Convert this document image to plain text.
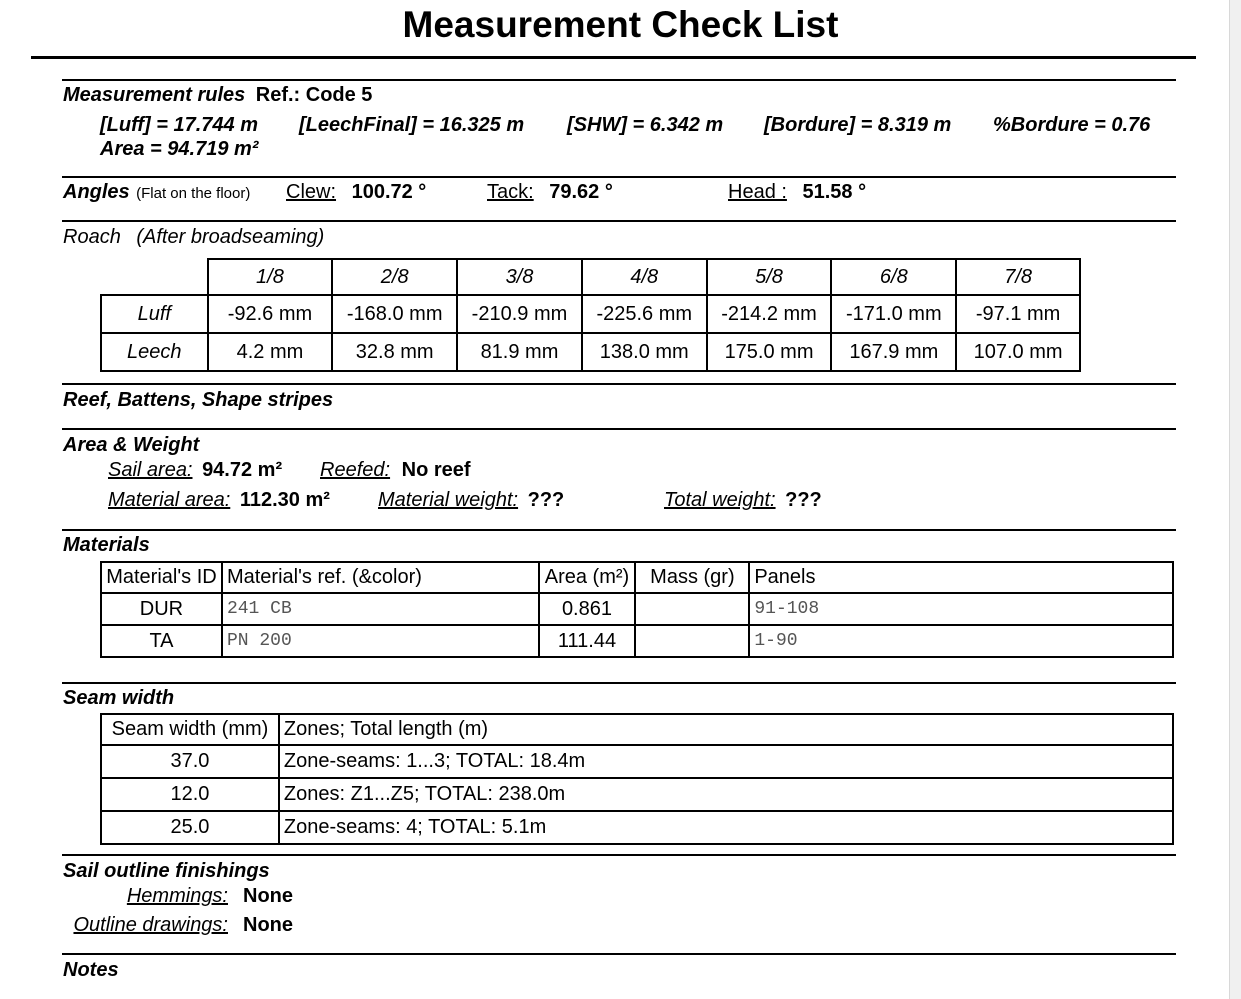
Measurement Check List
Measurement rules Ref.: Code 5
[Luff] = 17.744 m [LeechFinal] = 16.325 m [SHW] = 6.342 m [Bordure] = 8.319 m %Bordure = 0.76
Area = 94.719 m²
Angles (Flat on the floor) Clew: 100.72 °	Tack: 79.62 °	Head : 51.58 °
Roach (After broadseaming)
	1/8	2/8	3/8	4/8	5/8	6/8	7/8
Luff	-92.6 mm	-168.0 mm	-210.9 mm	-225.6 mm	-214.2 mm	-171.0 mm	-97.1 mm
Leech	4.2 mm	32.8 mm	81.9 mm	138.0 mm	175.0 mm	167.9 mm	107.0 mm
Reef, Battens, Shape stripes
Area & Weight
Sail area: 94.72 m² Reefed: No reef
Material area: 112.30 m² Material weight: ???	Total weight: ???
Materials
Material's ID	Material's ref. (&color)	Area (m²)	Mass (gr)	Panels
DUR	241 CB	0.861		91-108
TA	PN 200	111.44		1-90
Seam width
Seam width (mm)	Zones; Total length (m)
37.0	Zone-seams: 1...3; TOTAL: 18.4m
12.0	Zones: Z1...Z5; TOTAL: 238.0m
25.0	Zone-seams: 4; TOTAL: 5.1m
Sail outline finishings
Hemmings: None
Outline drawings: None
Notes
